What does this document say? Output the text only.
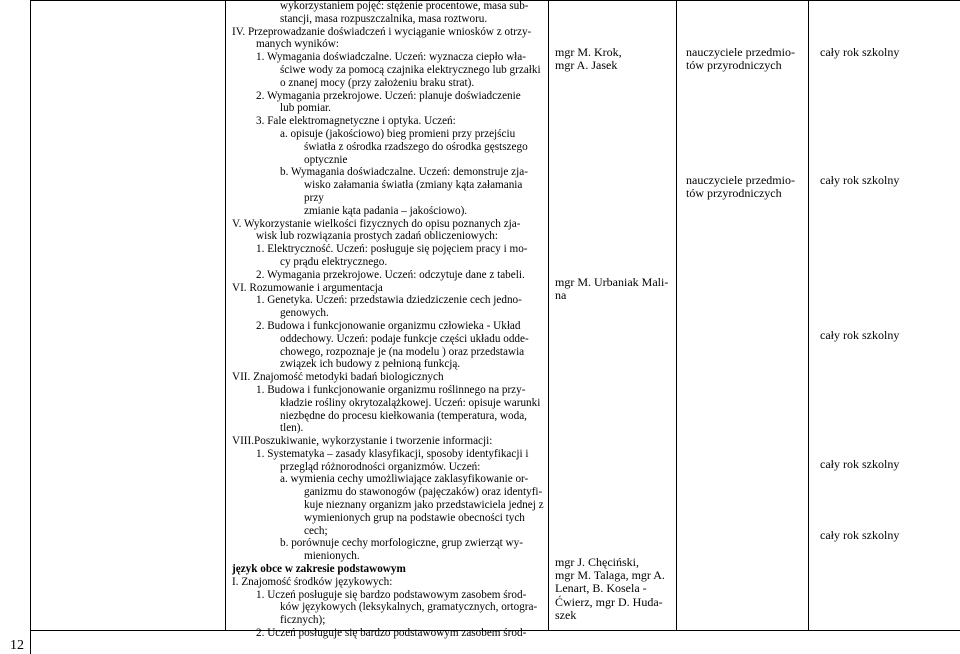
12

wykorzystaniem pojęć: stężenie procentowe, masa sub-

stancji, masa rozpuszczalnika, masa roztworu.

IV. Przeprowadzanie doświadczeń i wyciąganie wniosków z otrzy-

manych wyników:

1. Wymagania doświadczalne. Uczeń: wyznacza ciepło wła-

ściwe wody za pomocą czajnika elektrycznego lub grzałki

o znanej mocy (przy założeniu braku strat).

2. Wymagania przekrojowe. Uczeń: planuje doświadczenie

lub pomiar.

3. Fale elektromagnetyczne i optyka. Uczeń:

a. opisuje (jakościowo) bieg promieni przy przejściu

światła z ośrodka rzadszego do ośrodka gęstszego

optycznie

b. Wymagania doświadczalne. Uczeń: demonstruje zja-

wisko załamania światła (zmiany kąta załamania przy

zmianie kąta padania – jakościowo).

V. Wykorzystanie wielkości fizycznych do opisu poznanych zja-

wisk lub rozwiązania prostych zadań obliczeniowych:

1. Elektryczność. Uczeń: posługuje się pojęciem pracy i mo-

cy prądu elektrycznego.

2. Wymagania przekrojowe. Uczeń: odczytuje dane z tabeli.

VI. Rozumowanie i argumentacja

1. Genetyka. Uczeń: przedstawia dziedziczenie cech jedno-

genowych.

2. Budowa i funkcjonowanie organizmu człowieka - Układ

oddechowy. Uczeń: podaje funkcje części układu odde-

chowego, rozpoznaje je (na modelu ) oraz przedstawia

związek ich budowy z pełnioną funkcją.

VII. Znajomość metodyki badań biologicznych

1. Budowa i funkcjonowanie organizmu roślinnego na przy-

kładzie rośliny okrytozalążkowej. Uczeń: opisuje warunki

niezbędne do procesu kiełkowania (temperatura, woda,

tlen).

VIII.Poszukiwanie, wykorzystanie i tworzenie informacji:

1. Systematyka – zasady klasyfikacji, sposoby identyfikacji i

przegląd różnorodności organizmów. Uczeń:

a. wymienia cechy umożliwiające zaklasyfikowanie or-

ganizmu do stawonogów (pajęczaków) oraz identyfi-

kuje nieznany organizm jako przedstawiciela jednej z

wymienionych grup na podstawie obecności tych

cech;

b. porównuje cechy morfologiczne, grup zwierząt wy-

mienionych.

język obce w zakresie podstawowym

I. Znajomość środków językowych:

1. Uczeń posługuje się bardzo podstawowym zasobem środ-

ków językowych (leksykalnych, gramatycznych, ortogra-

ficznych);

2. Uczeń posługuje się bardzo podstawowym zasobem środ-

mgr M. Krok,
mgr A. Jasek
mgr M. Urbaniak Mali-
na
mgr J. Chęciński,
mgr M. Talaga, mgr A.
Lenart, B. Kosela -
Ćwierz, mgr D. Huda-
szek
nauczyciele przedmio-
tów przyrodniczych
nauczyciele przedmio-
tów przyrodniczych
cały rok szkolny
cały rok szkolny
cały rok szkolny
cały rok szkolny
cały rok szkolny
